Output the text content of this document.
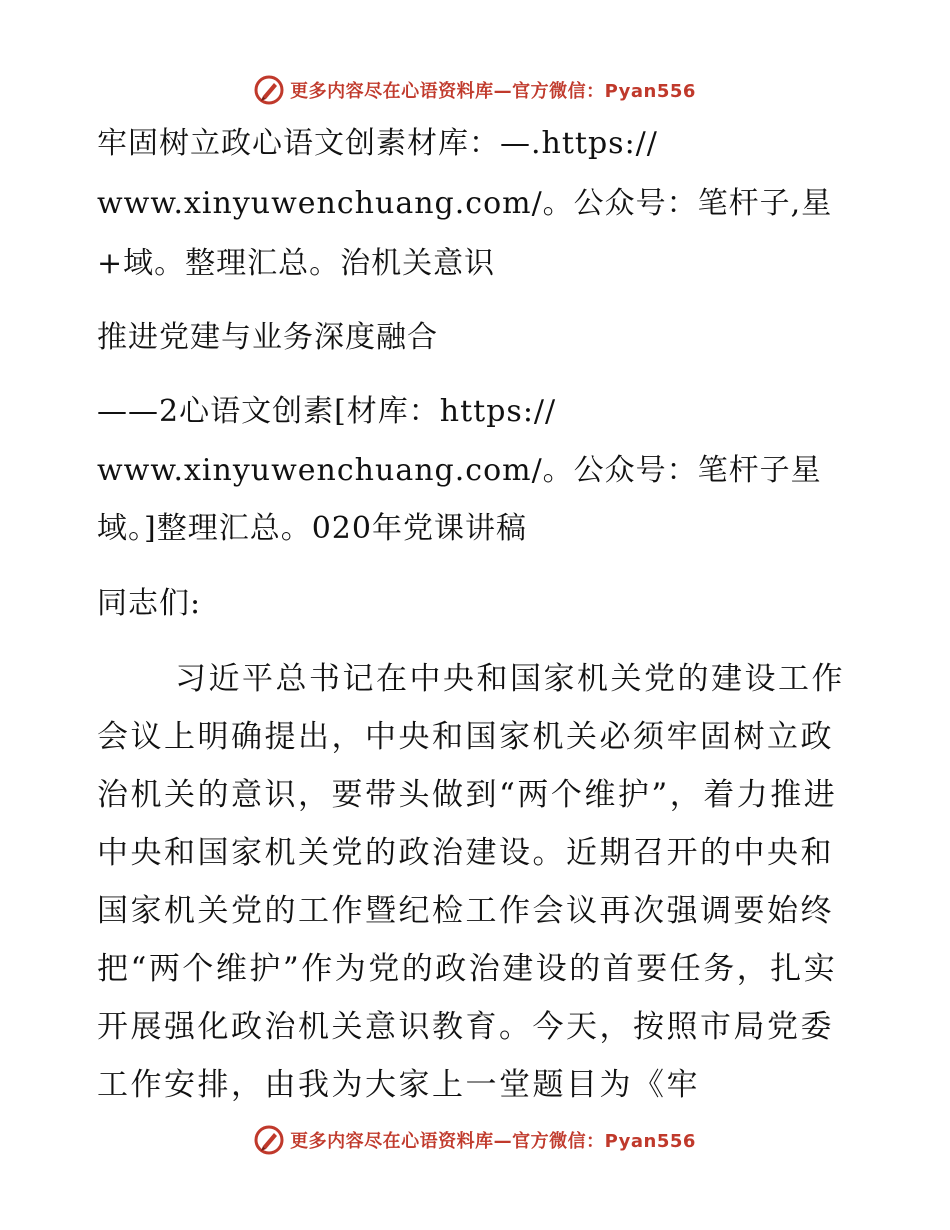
更多内容尽在心语资料库—官方微信：Pyan556
牢固树立政心语文创素材库：—.https://
www.xinyuwenchuang.com/。公众号：笔杆子,星
+域。整理汇总。治机关意识
推进党建与业务深度融合
——2心语文创素[材库：https://
www.xinyuwenchuang.com/。公众号：笔杆子星
域。]整理汇总。020年党课讲稿
同志们:
习近平总书记在中央和国家机关党的建设工作会议上明确提出，中央和国家机关必须牢固树立政治机关的意识，要带头做到“两个维护”，着力推进中央和国家机关党的政治建设。近期召开的中央和国家机关党的工作暨纪检工作会议再次强调要始终把“两个维护”作为党的政治建设的首要任务，扎实开展强化政治机关意识教育。今天，按照市局党委工作安排，由我为大家上一堂题目为《牢
更多内容尽在心语资料库—官方微信：Pyan556
